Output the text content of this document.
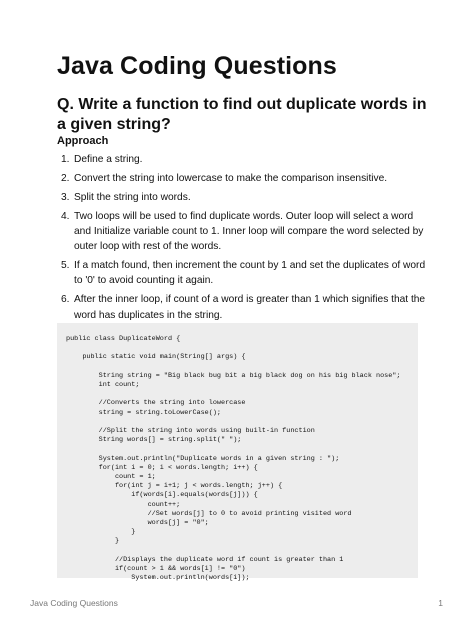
Java Coding Questions
Q. Write a function to find out duplicate words in a given string?
Approach
1. Define a string.
2. Convert the string into lowercase to make the comparison insensitive.
3. Split the string into words.
4. Two loops will be used to find duplicate words. Outer loop will select a word and Initialize variable count to 1. Inner loop will compare the word selected by outer loop with rest of the words.
5. If a match found, then increment the count by 1 and set the duplicates of word to '0' to avoid counting it again.
6. After the inner loop, if count of a word is greater than 1 which signifies that the word has duplicates in the string.
public class DuplicateWord {

public static void main(String[] args) {

String string = "Big black bug bit a big black dog on his big black nose";
int count;

//Converts the string into lowercase
string = string.toLowerCase();

//Split the string into words using built-in function
String words[] = string.split(" ");

System.out.println("Duplicate words in a given string : ");
for(int i = 0; i < words.length; i++) {
count = 1;
for(int j = i+1; j < words.length; j++) {
if(words[i].equals(words[j])) {
count++;
//Set words[j] to 0 to avoid printing visited word
words[j] = "0";
}
}

//Displays the duplicate word if count is greater than 1
if(count > 1 && words[i] != "0")
System.out.println(words[i]);
Java Coding Questions	1
